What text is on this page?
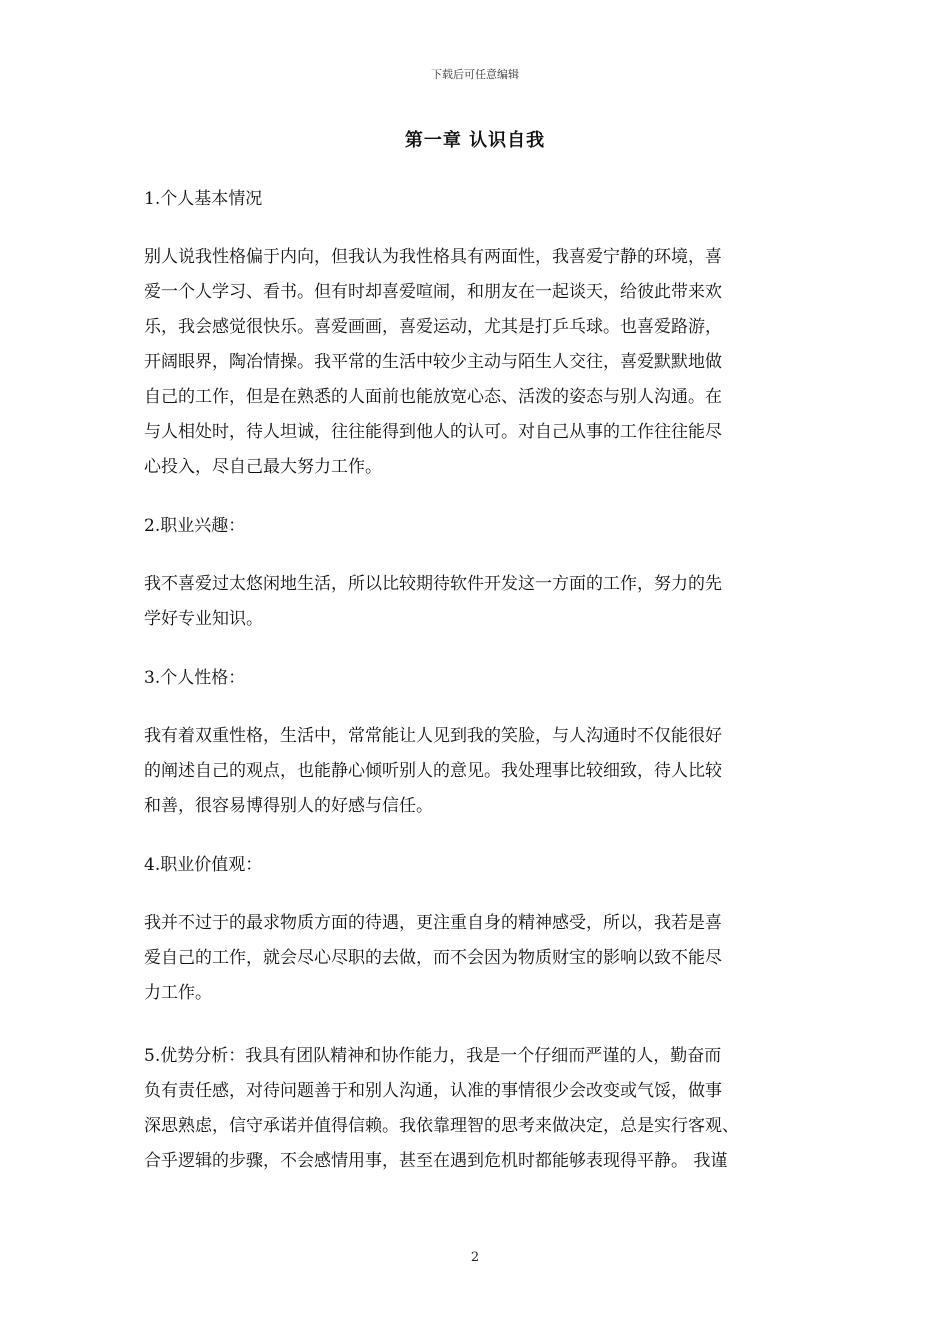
下载后可任意编辑
第一章 认识自我
1.个人基本情况
别人说我性格偏于内向，但我认为我性格具有两面性，我喜爱宁静的环境，喜
爱一个人学习、看书。但有时却喜爱喧闹，和朋友在一起谈天，给彼此带来欢
乐，我会感觉很快乐。喜爱画画，喜爱运动，尤其是打乒乓球。也喜爱路游，
开阔眼界，陶冶情操。我平常的生活中较少主动与陌生人交往，喜爱默默地做
自己的工作，但是在熟悉的人面前也能放宽心态、活泼的姿态与别人沟通。在
与人相处时，待人坦诚，往往能得到他人的认可。对自己从事的工作往往能尽
心投入，尽自己最大努力工作。
2.职业兴趣：
我不喜爱过太悠闲地生活，所以比较期待软件开发这一方面的工作，努力的先
学好专业知识。
3.个人性格：
我有着双重性格，生活中，常常能让人见到我的笑脸，与人沟通时不仅能很好
的阐述自己的观点，也能静心倾听别人的意见。我处理事比较细致，待人比较
和善，很容易博得别人的好感与信任。
4.职业价值观：
我并不过于的最求物质方面的待遇，更注重自身的精神感受，所以，我若是喜
爱自己的工作，就会尽心尽职的去做，而不会因为物质财宝的影响以致不能尽
力工作。
5.优势分析：我具有团队精神和协作能力，我是一个仔细而严谨的人，勤奋而
负有责任感，对待问题善于和别人沟通，认准的事情很少会改变或气馁，做事
深思熟虑，信守承诺并值得信赖。我依靠理智的思考来做决定，总是实行客观、
合乎逻辑的步骤，不会感情用事，甚至在遇到危机时都能够表现得平静。 我谨
2
